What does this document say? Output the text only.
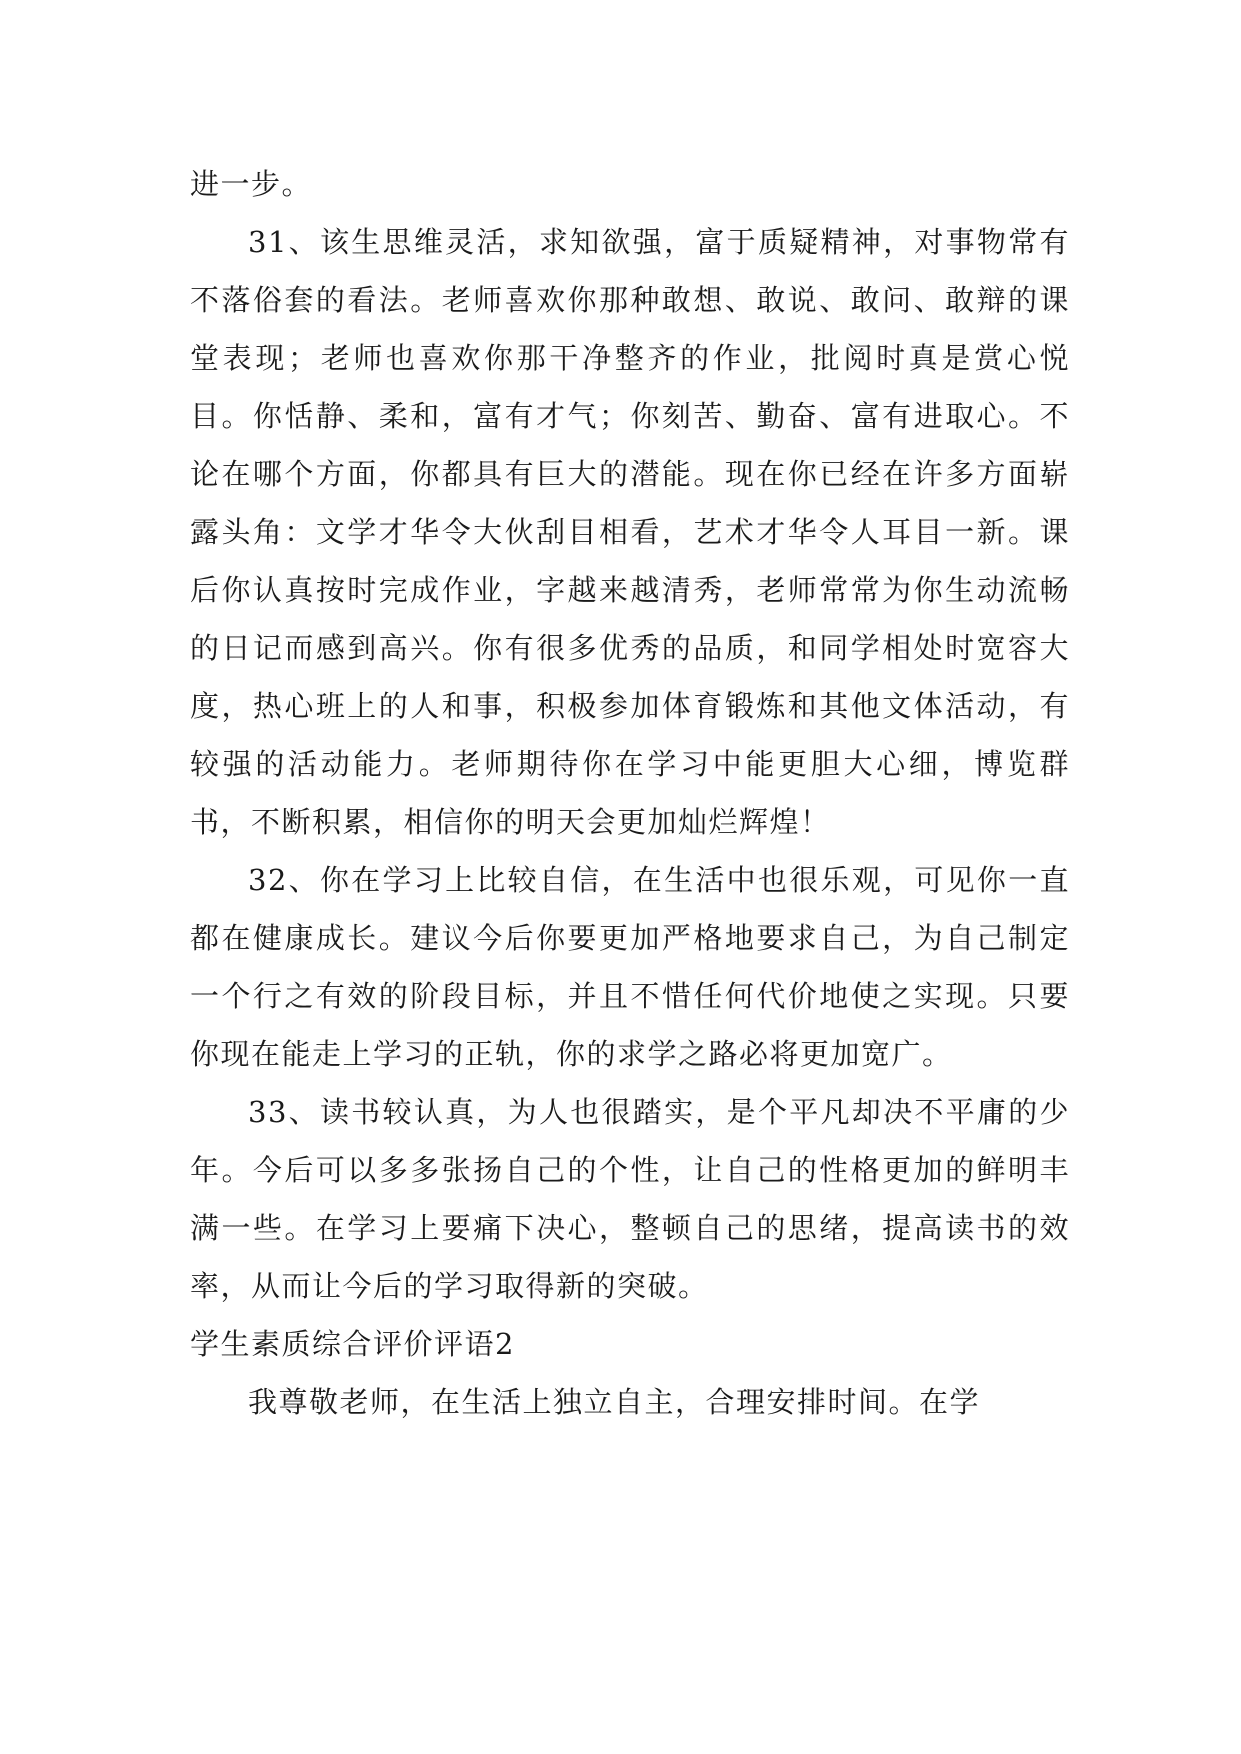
进一步。

31、该生思维灵活，求知欲强，富于质疑精神，对事物常有不落俗套的看法。老师喜欢你那种敢想、敢说、敢问、敢辩的课堂表现；老师也喜欢你那干净整齐的作业，批阅时真是赏心悦目。你恬静、柔和，富有才气；你刻苦、勤奋、富有进取心。不论在哪个方面，你都具有巨大的潜能。现在你已经在许多方面崭露头角：文学才华令大伙刮目相看，艺术才华令人耳目一新。课后你认真按时完成作业，字越来越清秀，老师常常为你生动流畅的日记而感到高兴。你有很多优秀的品质，和同学相处时宽容大度，热心班上的人和事，积极参加体育锻炼和其他文体活动，有较强的活动能力。老师期待你在学习中能更胆大心细，博览群书，不断积累，相信你的明天会更加灿烂辉煌！

32、你在学习上比较自信，在生活中也很乐观，可见你一直都在健康成长。建议今后你要更加严格地要求自己，为自己制定一个行之有效的阶段目标，并且不惜任何代价地使之实现。只要你现在能走上学习的正轨，你的求学之路必将更加宽广。

33、读书较认真，为人也很踏实，是个平凡却决不平庸的少年。今后可以多多张扬自己的个性，让自己的性格更加的鲜明丰满一些。在学习上要痛下决心，整顿自己的思绪，提高读书的效率，从而让今后的学习取得新的突破。

学生素质综合评价评语2

我尊敬老师，在生活上独立自主，合理安排时间。在学
